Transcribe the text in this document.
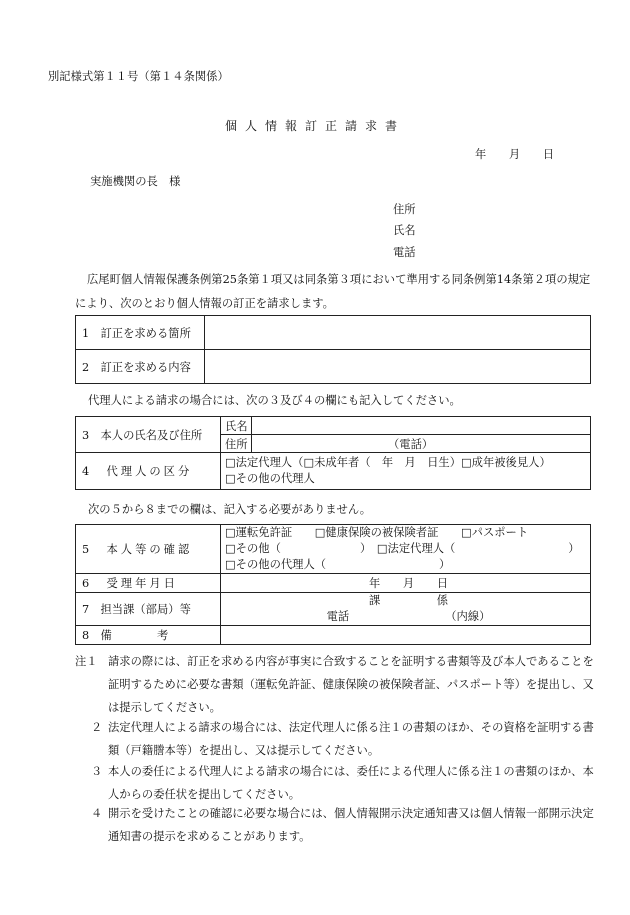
別記様式第１１号（第１４条関係）
個人情報訂正請求書
年　　月　　日
実施機関の長　様
住所
氏名
電話
広尾町個人情報保護条例第25条第１項又は同条第３項において準用する同条例第14条第２項の規定により、次のとおり個人情報の訂正を請求します。
1　訂正を求める箇所	
2　訂正を求める内容	
代理人による請求の場合には、次の３及び４の欄にも記入してください。
3　本人の氏名及び住所	氏名	
	住所	（電話）
4　代理人の区分	□法定代理人（□未成年者（　年　月　日生）□成年被後見人）
□その他の代理人	
次の５から８までの欄は、記入する必要がありません。
5　本人等の確認	□運転免許証　　□健康保険の被保険者証　　□パスポート
□その他（　　　　　　　）　□法定代理人（　　　　　　　　　　）
□その他の代理人（　　　　　　　　　　）

6　受理年月日	年　　月　　日
7　担当課（部局）等	課　　　　　係
電話　　　　　　　　　（内線）

8　備　　　　考	
注１ 請求の際には、訂正を求める内容が事実に合致することを証明する書類等及び本人であることを証明するために必要な書類（運転免許証、健康保険の被保険者証、パスポート等）を提出し、又は提示してください。
２ 法定代理人による請求の場合には、法定代理人に係る注１の書類のほか、その資格を証明する書類（戸籍謄本等）を提出し、又は提示してください。
３ 本人の委任による代理人による請求の場合には、委任による代理人に係る注１の書類のほか、本人からの委任状を提出してください。
４ 開示を受けたことの確認に必要な場合には、個人情報開示決定通知書又は個人情報一部開示決定通知書の提示を求めることがあります。
